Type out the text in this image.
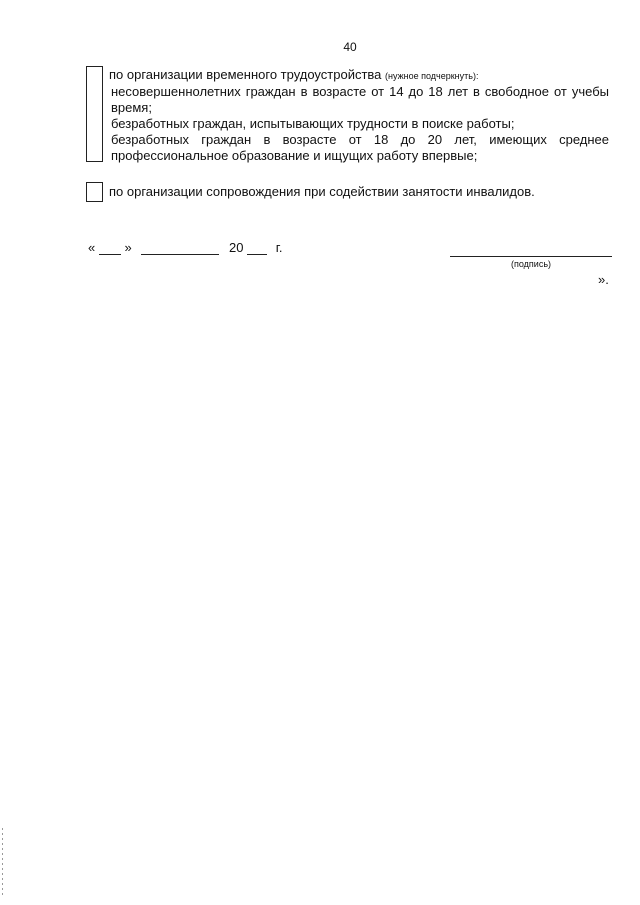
40
по организации временного трудоустройства (нужное подчеркнуть):

несовершеннолетних граждан в возрасте от 14 до 18 лет в свободное от учебы время;

безработных граждан, испытывающих трудности в поиске работы;

безработных граждан в возрасте от 18 до 20 лет, имеющих среднее профессиональное образование и ищущих работу впервые;

по организации сопровождения при содействии занятости инвалидов.
« »	20 г.
(подпись)
».
